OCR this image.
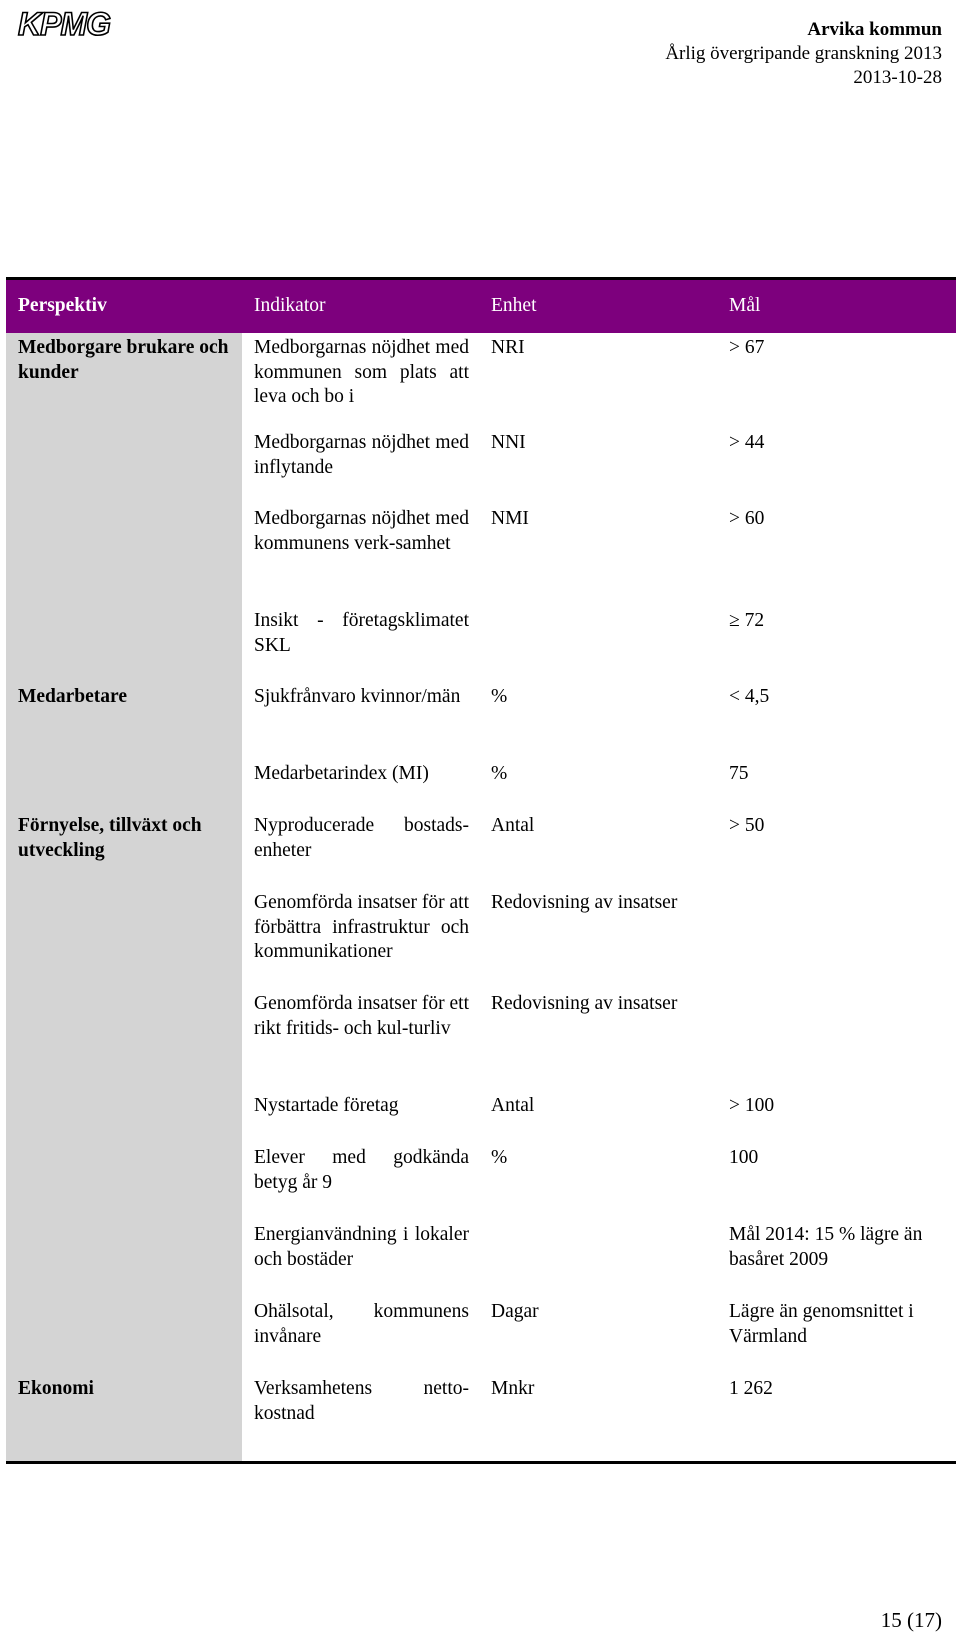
KPMG	Arvika kommun
Årlig övergripande granskning 2013
2013-10-28
Perspektiv	Indikator	Enhet	Mål
Medborgare brukare och kunder	Medborgarnas nöjdhet med kommunen som plats att leva och bo i	NRI	> 67
	Medborgarnas nöjdhet med inflytande	NNI	> 44
	Medborgarnas nöjdhet med kommunens verk-samhet	NMI	> 60
	Insikt - företagsklimatet SKL		≥ 72
Medarbetare	Sjukfrånvaro kvinnor/män	%	< 4,5
	Medarbetarindex (MI)	%	75
Förnyelse, tillväxt och utveckling	Nyproducerade bostads-enheter	Antal	> 50
	Genomförda insatser för att förbättra infrastruktur och kommunikationer	Redovisning av insatser	
	Genomförda insatser för ett rikt fritids- och kul-turliv	Redovisning av insatser	
	Nystartade företag	Antal	> 100
	Elever med godkända betyg år 9	%	100
	Energianvändning i lokaler och bostäder		Mål 2014: 15 % lägre än basåret 2009
	Ohälsotal, kommunens invånare	Dagar	Lägre än genomsnittet i Värmland
Ekonomi	Verksamhetens netto-kostnad	Mnkr	1 262
15 (17)
